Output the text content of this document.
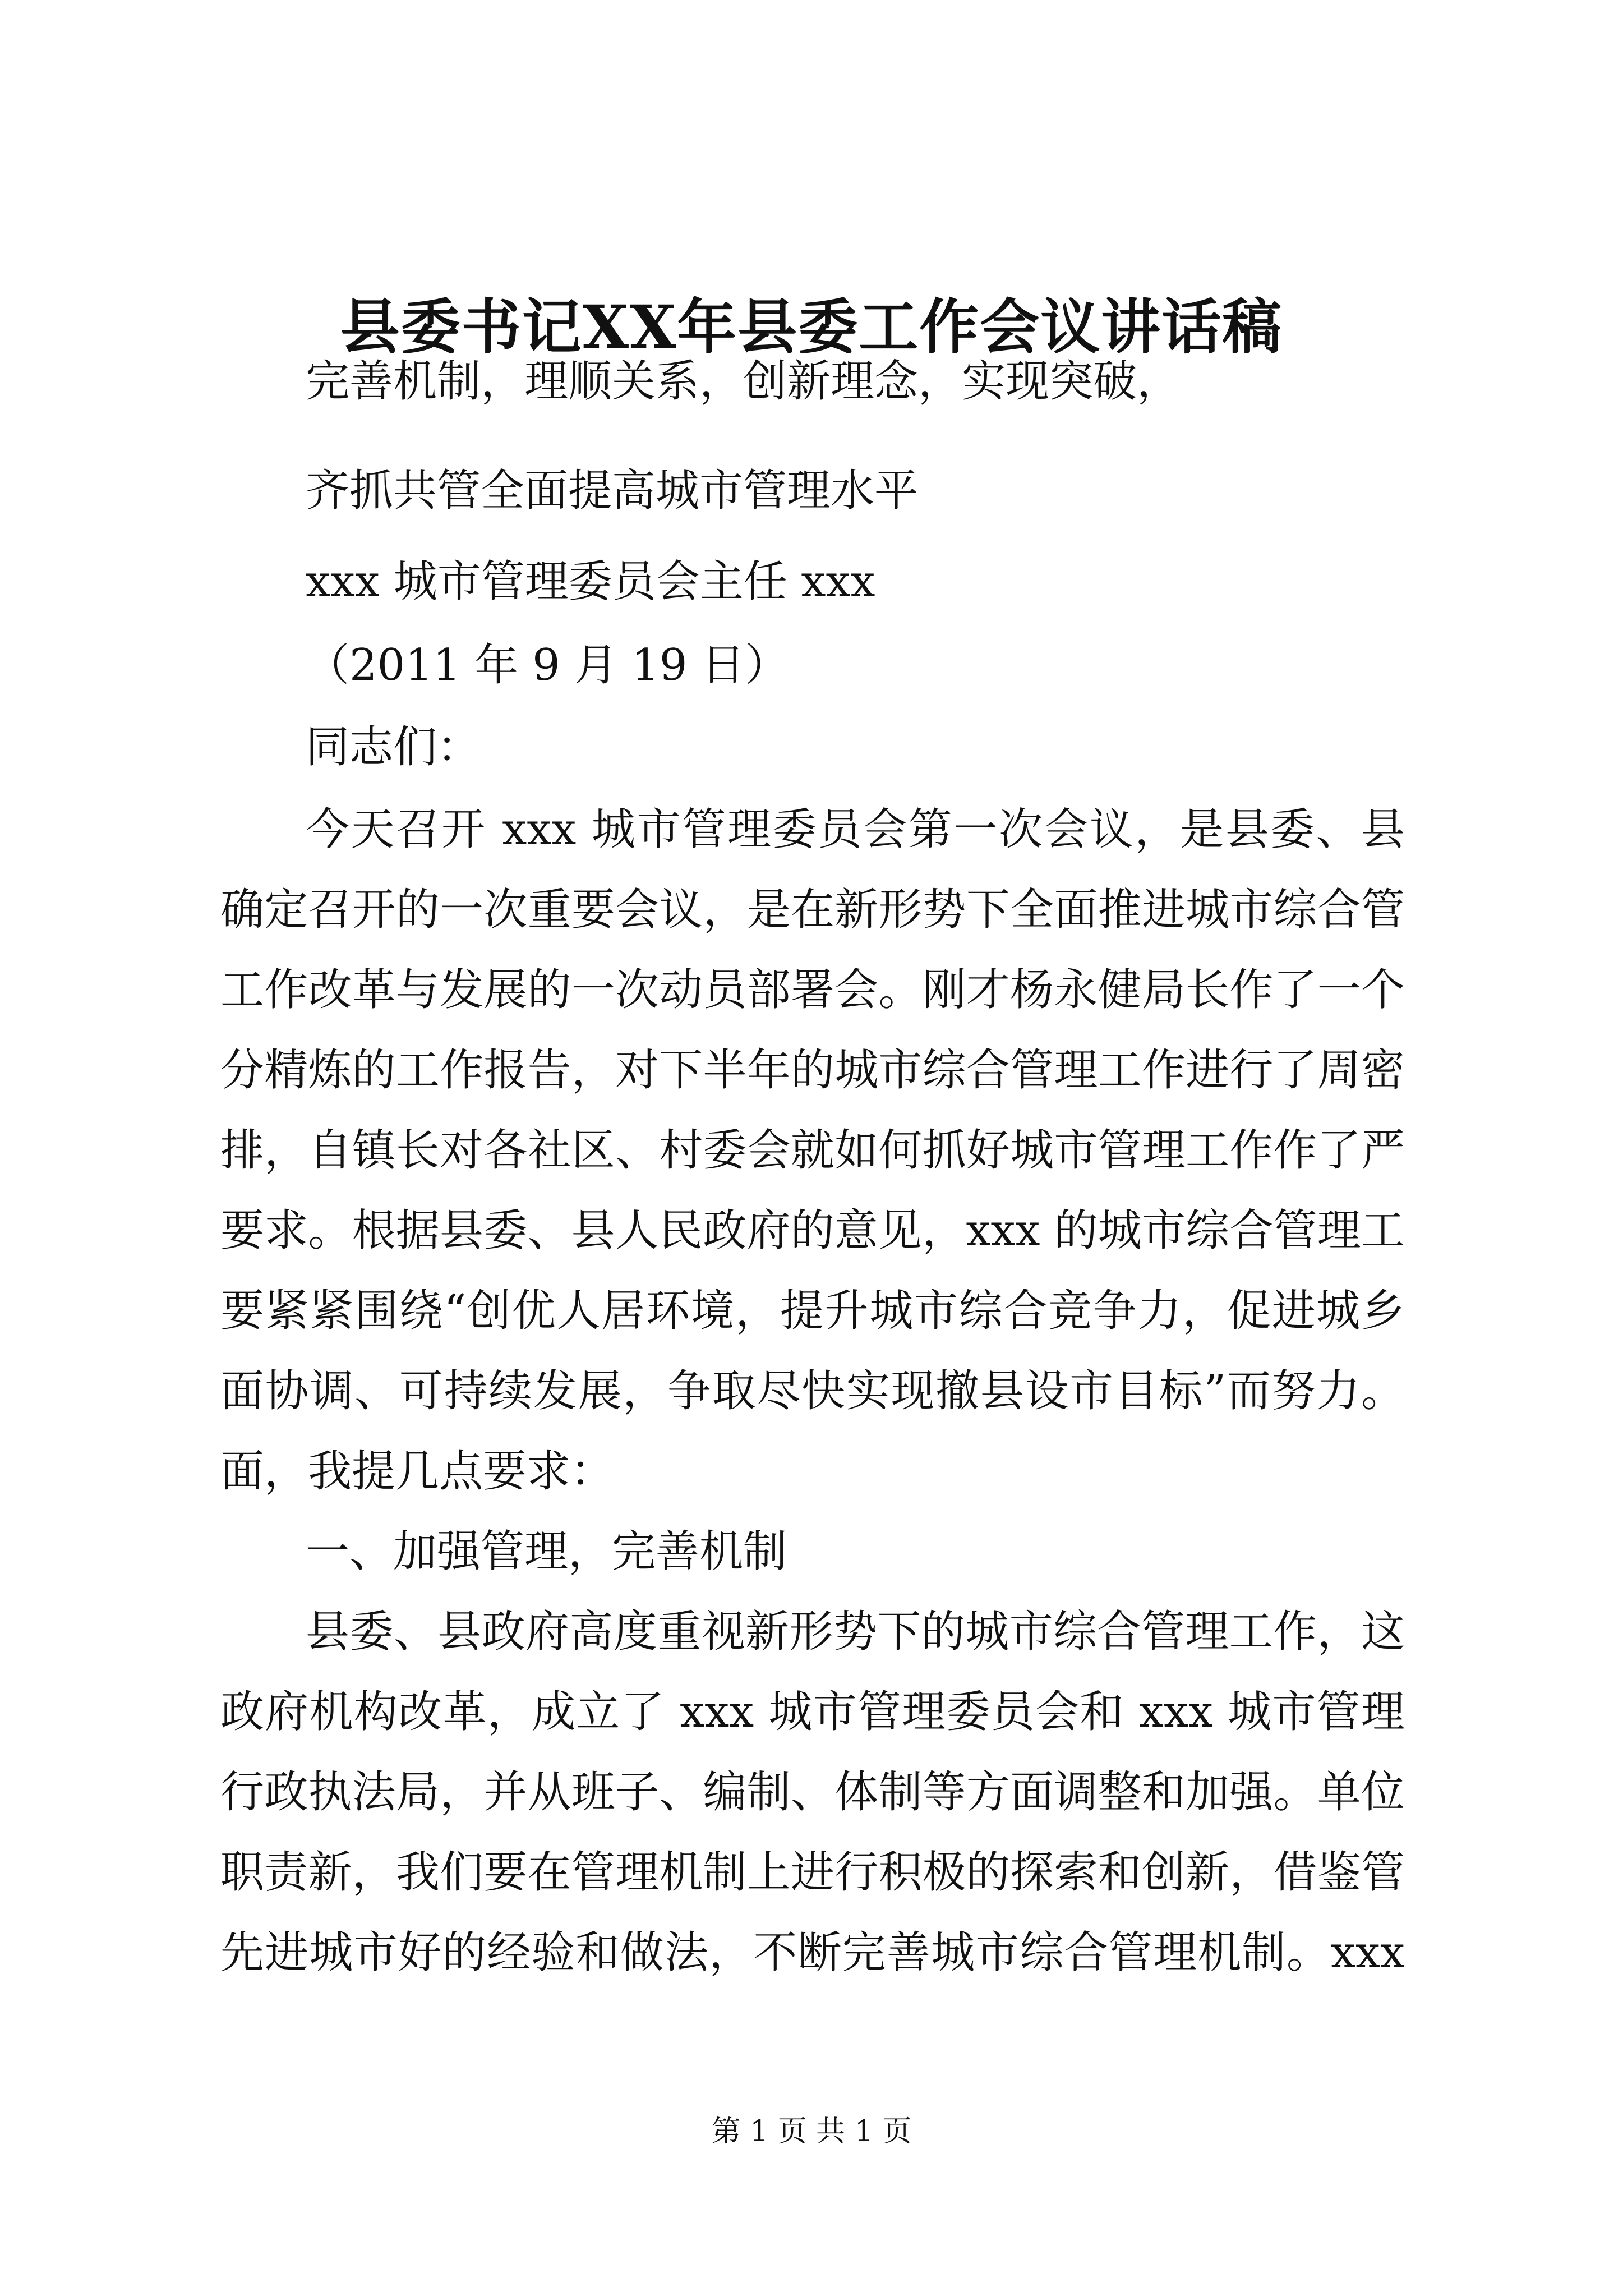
县委书记XX年县委工作会议讲话稿
完善机制，理顺关系，创新理念，实现突破，
齐抓共管全面提高城市管理水平
xxx 城市管理委员会主任 xxx
（2011 年 9 月 19 日）
同志们：
今天召开 xxx 城市管理委员会第一次会议，是县委、县
确定召开的一次重要会议，是在新形势下全面推进城市综合管
工作改革与发展的一次动员部署会。刚才杨永健局长作了一个
分精炼的工作报告，对下半年的城市综合管理工作进行了周密
排，自镇长对各社区、村委会就如何抓好城市管理工作作了严
要求。根据县委、县人民政府的意见，xxx 的城市综合管理工
要紧紧围绕“创优人居环境，提升城市综合竞争力，促进城乡
面协调、可持续发展，争取尽快实现撤县设市目标”而努力。
面，我提几点要求：
一、加强管理，完善机制
县委、县政府高度重视新形势下的城市综合管理工作，这
政府机构改革，成立了 xxx 城市管理委员会和 xxx 城市管理
行政执法局，并从班子、编制、体制等方面调整和加强。单位
职责新，我们要在管理机制上进行积极的探索和创新，借鉴管
先进城市好的经验和做法，不断完善城市综合管理机制。xxx
第 1 页 共 1 页
